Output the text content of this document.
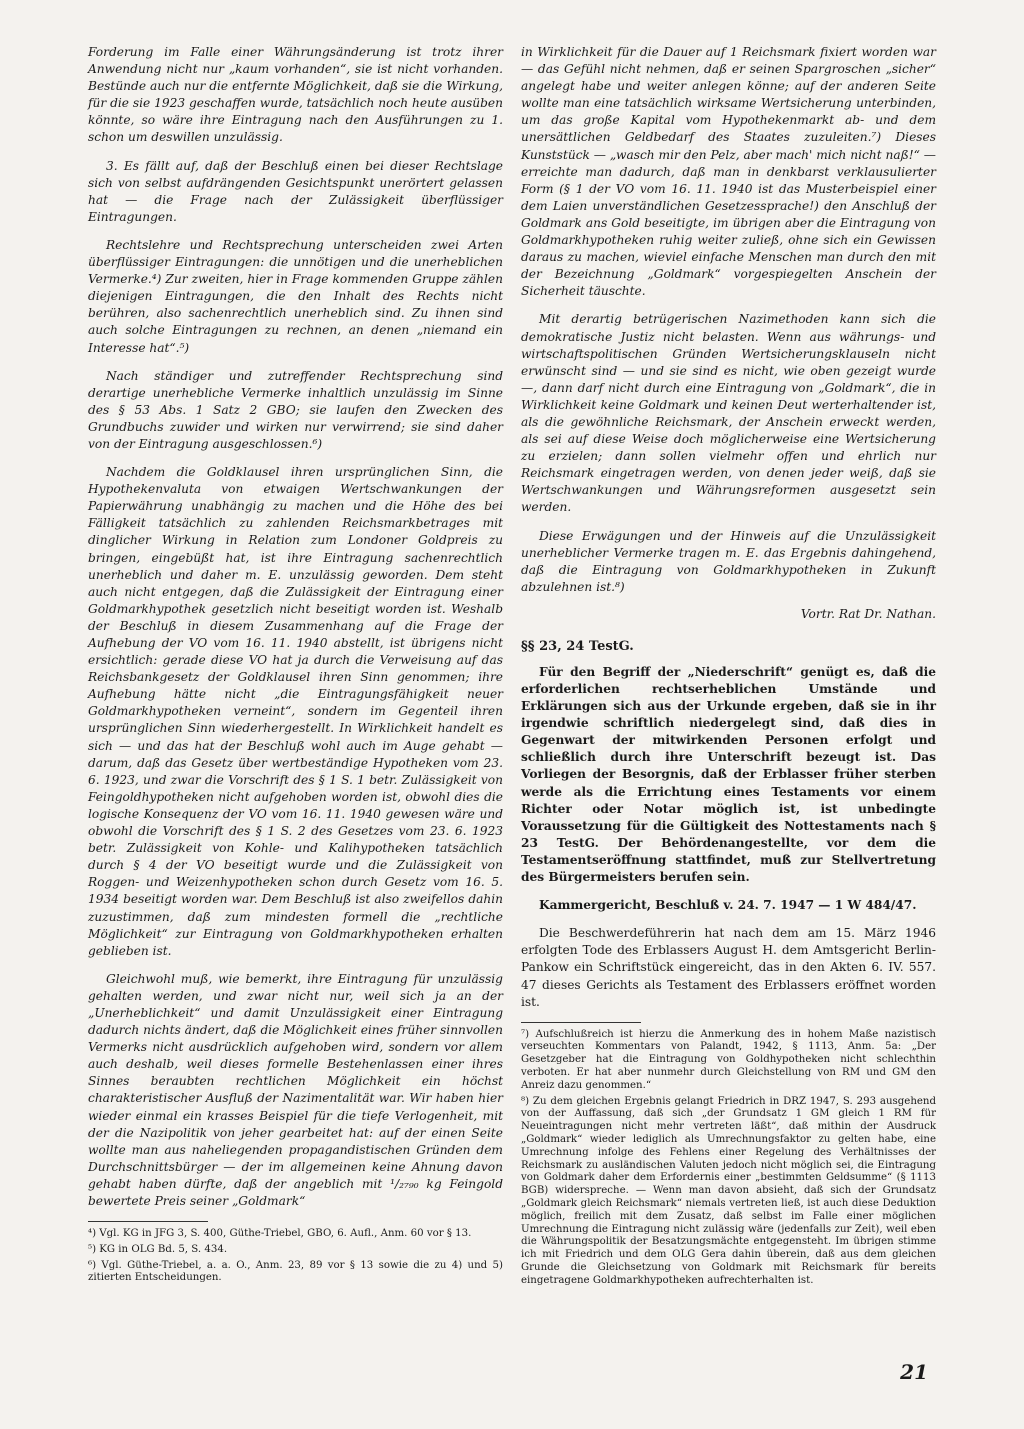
Forderung im Falle einer Währungsänderung ist trotz ihrer Anwendung nicht nur „kaum vorhanden“, sie ist nicht vorhanden. Bestünde auch nur die entfernte Möglichkeit, daß sie die Wirkung, für die sie 1923 geschaffen wurde, tatsächlich noch heute ausüben könnte, so wäre ihre Eintragung nach den Ausführungen zu 1. schon um deswillen unzulässig.

3. Es fällt auf, daß der Beschluß einen bei dieser Rechtslage sich von selbst aufdrängenden Gesichtspunkt unerörtert gelassen hat — die Frage nach der Zulässigkeit überflüssiger Eintragungen.

Rechtslehre und Rechtsprechung unterscheiden zwei Arten überflüssiger Eintragungen: die unnötigen und die unerheblichen Vermerke.⁴) Zur zweiten, hier in Frage kommenden Gruppe zählen diejenigen Eintragungen, die den Inhalt des Rechts nicht berühren, also sachenrechtlich unerheblich sind. Zu ihnen sind auch solche Eintragungen zu rechnen, an denen „niemand ein Interesse hat“.⁵)

Nach ständiger und zutreffender Rechtsprechung sind derartige unerhebliche Vermerke inhaltlich unzulässig im Sinne des § 53 Abs. 1 Satz 2 GBO; sie laufen den Zwecken des Grundbuchs zuwider und wirken nur verwirrend; sie sind daher von der Eintragung ausgeschlossen.⁶)

Nachdem die Goldklausel ihren ursprünglichen Sinn, die Hypothekenvaluta von etwaigen Wertschwankungen der Papierwährung unabhängig zu machen und die Höhe des bei Fälligkeit tatsächlich zu zahlenden Reichsmarkbetrages mit dinglicher Wirkung in Relation zum Londoner Goldpreis zu bringen, eingebüßt hat, ist ihre Eintragung sachenrechtlich unerheblich und daher m. E. unzulässig geworden. Dem steht auch nicht entgegen, daß die Zulässigkeit der Eintragung einer Goldmarkhypothek gesetzlich nicht beseitigt worden ist. Weshalb der Beschluß in diesem Zusammenhang auf die Frage der Aufhebung der VO vom 16. 11. 1940 abstellt, ist übrigens nicht ersichtlich: gerade diese VO hat ja durch die Verweisung auf das Reichsbankgesetz der Goldklausel ihren Sinn genommen; ihre Aufhebung hätte nicht „die Eintragungsfähigkeit neuer Goldmarkhypotheken verneint“, sondern im Gegenteil ihren ursprünglichen Sinn wiederhergestellt. In Wirklichkeit handelt es sich — und das hat der Beschluß wohl auch im Auge gehabt — darum, daß das Gesetz über wertbeständige Hypotheken vom 23. 6. 1923, und zwar die Vorschrift des § 1 S. 1 betr. Zulässigkeit von Feingoldhypotheken nicht aufgehoben worden ist, obwohl dies die logische Konsequenz der VO vom 16. 11. 1940 gewesen wäre und obwohl die Vorschrift des § 1 S. 2 des Gesetzes vom 23. 6. 1923 betr. Zulässigkeit von Kohle- und Kalihypotheken tatsächlich durch § 4 der VO beseitigt wurde und die Zulässigkeit von Roggen- und Weizenhypotheken schon durch Gesetz vom 16. 5. 1934 beseitigt worden war. Dem Beschluß ist also zweifellos dahin zuzustimmen, daß zum mindesten formell die „rechtliche Möglichkeit“ zur Eintragung von Goldmarkhypotheken erhalten geblieben ist.

Gleichwohl muß, wie bemerkt, ihre Eintragung für unzulässig gehalten werden, und zwar nicht nur, weil sich ja an der „Unerheblichkeit“ und damit Unzulässigkeit einer Eintragung dadurch nichts ändert, daß die Möglichkeit eines früher sinnvollen Vermerks nicht ausdrücklich aufgehoben wird, sondern vor allem auch deshalb, weil dieses formelle Bestehenlassen einer ihres Sinnes beraubten rechtlichen Möglichkeit ein höchst charakteristischer Ausfluß der Nazimentalität war. Wir haben hier wieder einmal ein krasses Beispiel für die tiefe Verlogenheit, mit der die Nazipolitik von jeher gearbeitet hat: auf der einen Seite wollte man aus naheliegenden propagandistischen Gründen dem Durchschnittsbürger — der im allgemeinen keine Ahnung davon gehabt haben dürfte, daß der angeblich mit ¹/₂₇₉₀ kg Feingold bewertete Preis seiner „Goldmark“

⁴) Vgl. KG in JFG 3, S. 400, Güthe-Triebel, GBO, 6. Aufl., Anm. 60 vor § 13.

⁵) KG in OLG Bd. 5, S. 434.

⁶) Vgl. Güthe-Triebel, a. a. O., Anm. 23, 89 vor § 13 sowie die zu 4) und 5) zitierten Entscheidungen.

in Wirklichkeit für die Dauer auf 1 Reichsmark fixiert worden war — das Gefühl nicht nehmen, daß er seinen Spargroschen „sicher“ angelegt habe und weiter anlegen könne; auf der anderen Seite wollte man eine tatsächlich wirksame Wertsicherung unterbinden, um das große Kapital vom Hypothekenmarkt ab- und dem unersättlichen Geldbedarf des Staates zuzuleiten.⁷) Dieses Kunststück — „wasch mir den Pelz, aber mach' mich nicht naß!“ — erreichte man dadurch, daß man in denkbarst verklausulierter Form (§ 1 der VO vom 16. 11. 1940 ist das Musterbeispiel einer dem Laien unverständlichen Gesetzessprache!) den Anschluß der Goldmark ans Gold beseitigte, im übrigen aber die Eintragung von Goldmarkhypotheken ruhig weiter zuließ, ohne sich ein Gewissen daraus zu machen, wieviel einfache Menschen man durch den mit der Bezeichnung „Goldmark“ vorgespiegelten Anschein der Sicherheit täuschte.

Mit derartig betrügerischen Nazimethoden kann sich die demokratische Justiz nicht belasten. Wenn aus währungs- und wirtschaftspolitischen Gründen Wertsicherungsklauseln nicht erwünscht sind — und sie sind es nicht, wie oben gezeigt wurde —, dann darf nicht durch eine Eintragung von „Goldmark“, die in Wirklichkeit keine Goldmark und keinen Deut werterhaltender ist, als die gewöhnliche Reichsmark, der Anschein erweckt werden, als sei auf diese Weise doch möglicherweise eine Wertsicherung zu erzielen; dann sollen vielmehr offen und ehrlich nur Reichsmark eingetragen werden, von denen jeder weiß, daß sie Wertschwankungen und Währungsreformen ausgesetzt sein werden.

Diese Erwägungen und der Hinweis auf die Unzulässigkeit unerheblicher Vermerke tragen m. E. das Ergebnis dahingehend, daß die Eintragung von Goldmarkhypotheken in Zukunft abzulehnen ist.⁸)

Vortr. Rat Dr. Nathan.
§§ 23, 24 TestG.

Für den Begriff der „Niederschrift“ genügt es, daß die erforderlichen rechtserheblichen Umstände und Erklärungen sich aus der Urkunde ergeben, daß sie in ihr irgendwie schriftlich niedergelegt sind, daß dies in Gegenwart der mitwirkenden Personen erfolgt und schließlich durch ihre Unterschrift bezeugt ist. Das Vorliegen der Besorgnis, daß der Erblasser früher sterben werde als die Errichtung eines Testaments vor einem Richter oder Notar möglich ist, ist unbedingte Voraussetzung für die Gültigkeit des Nottestaments nach § 23 TestG. Der Behördenangestellte, vor dem die Testamentseröffnung stattfindet, muß zur Stellvertretung des Bürgermeisters berufen sein.

Kammergericht, Beschluß v. 24. 7. 1947 — 1 W 484/47.

Die Beschwerdeführerin hat nach dem am 15. März 1946 erfolgten Tode des Erblassers August H. dem Amtsgericht Berlin-Pankow ein Schriftstück eingereicht, das in den Akten 6. IV. 557. 47 dieses Gerichts als Testament des Erblassers eröffnet worden ist.

⁷) Aufschlußreich ist hierzu die Anmerkung des in hohem Maße nazistisch verseuchten Kommentars von Palandt, 1942, § 1113, Anm. 5a: „Der Gesetzgeber hat die Eintragung von Goldhypotheken nicht schlechthin verboten. Er hat aber nunmehr durch Gleichstellung von RM und GM den Anreiz dazu genommen.“

⁸) Zu dem gleichen Ergebnis gelangt Friedrich in DRZ 1947, S. 293 ausgehend von der Auffassung, daß sich „der Grundsatz 1 GM gleich 1 RM für Neueintragungen nicht mehr vertreten läßt“, daß mithin der Ausdruck „Goldmark“ wieder lediglich als Umrechnungsfaktor zu gelten habe, eine Umrechnung infolge des Fehlens einer Regelung des Verhältnisses der Reichsmark zu ausländischen Valuten jedoch nicht möglich sei, die Eintragung von Goldmark daher dem Erfordernis einer „bestimmten Geldsumme“ (§ 1113 BGB) widerspreche. — Wenn man davon absieht, daß sich der Grundsatz „Goldmark gleich Reichsmark“ niemals vertreten ließ, ist auch diese Deduktion möglich, freilich mit dem Zusatz, daß selbst im Falle einer möglichen Umrechnung die Eintragung nicht zulässig wäre (jedenfalls zur Zeit), weil eben die Währungspolitik der Besatzungsmächte entgegensteht. Im übrigen stimme ich mit Friedrich und dem OLG Gera dahin überein, daß aus dem gleichen Grunde die Gleichsetzung von Goldmark mit Reichsmark für bereits eingetragene Goldmarkhypotheken aufrechterhalten ist.

21
